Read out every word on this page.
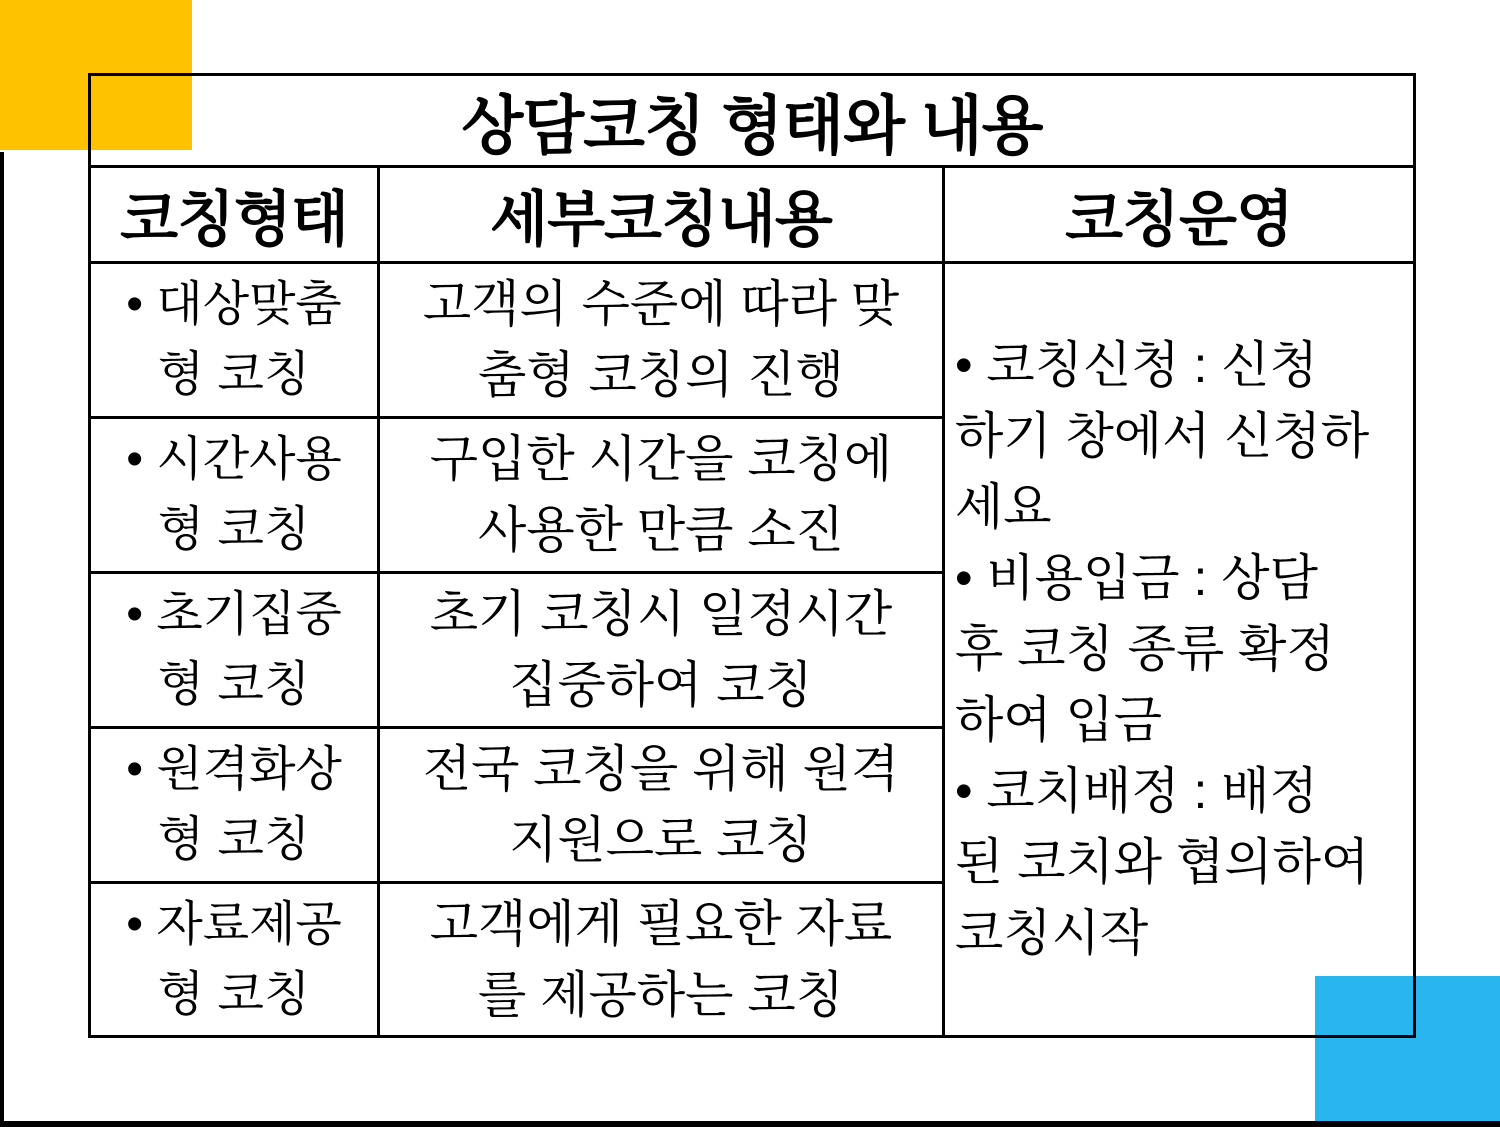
상담코칭 형태와 내용
코칭형태	세부코칭내용	코칭운영
• 대상맞춤
형 코칭
고객의 수준에 따라 맞
춤형 코칭의 진행
• 시간사용
형 코칭
구입한 시간을 코칭에
사용한 만큼 소진
• 초기집중
형 코칭
초기 코칭시 일정시간
집중하여 코칭
• 원격화상
형 코칭
전국 코칭을 위해 원격
지원으로 코칭
• 자료제공
형 코칭
고객에게 필요한 자료
를 제공하는 코칭
• 코칭신청 : 신청
하기 창에서 신청하
세요
• 비용입금 : 상담
후 코칭 종류 확정
하여 입금
• 코치배정 : 배정
된 코치와 협의하여
코칭시작
